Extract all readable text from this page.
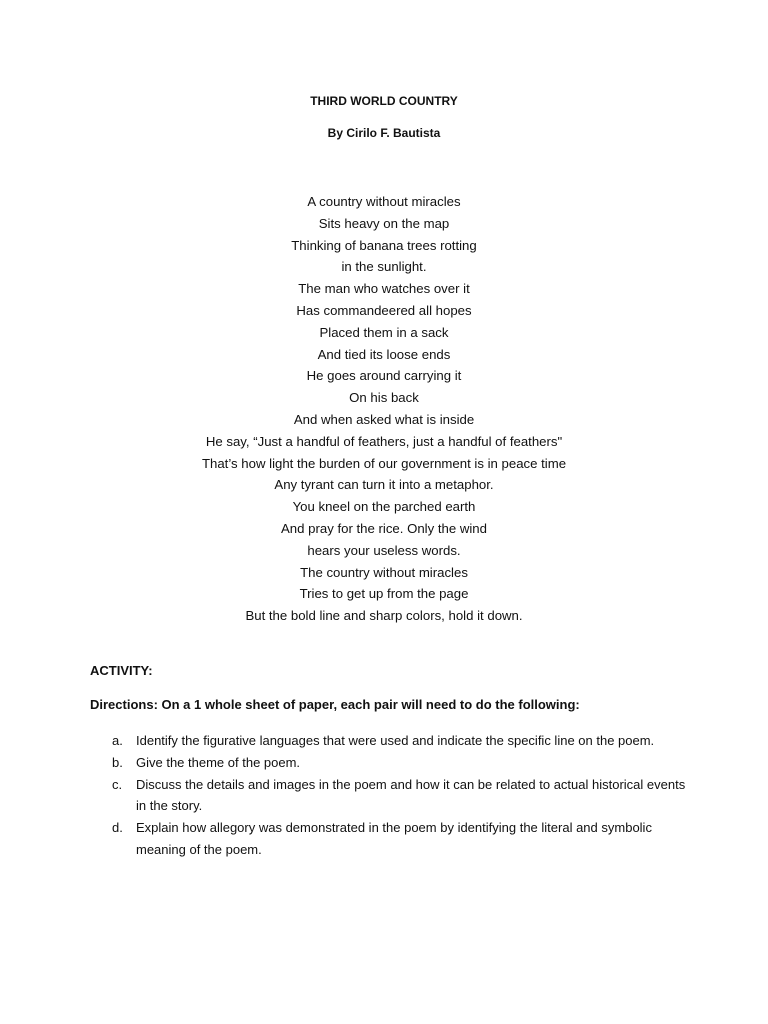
THIRD WORLD COUNTRY
By Cirilo F. Bautista
A country without miracles
Sits heavy on the map
Thinking of banana trees rotting
in the sunlight.
The man who watches over it
Has commandeered all hopes
Placed them in a sack
And tied its loose ends
He goes around carrying it
On his back
And when asked what is inside
He say, “Just a handful of feathers, just a handful of feathers"
That’s how light the burden of our government is in peace time
Any tyrant can turn it into a metaphor.
You kneel on the parched earth
And pray for the rice. Only the wind
hears your useless words.
The country without miracles
Tries to get up from the page
But the bold line and sharp colors, hold it down.
ACTIVITY:
Directions: On a 1 whole sheet of paper, each pair will need to do the following:
a. Identify the figurative languages that were used and indicate the specific line on the poem.
b. Give the theme of the poem.
c. Discuss the details and images in the poem and how it can be related to actual historical events in the story.
d. Explain how allegory was demonstrated in the poem by identifying the literal and symbolic meaning of the poem.
